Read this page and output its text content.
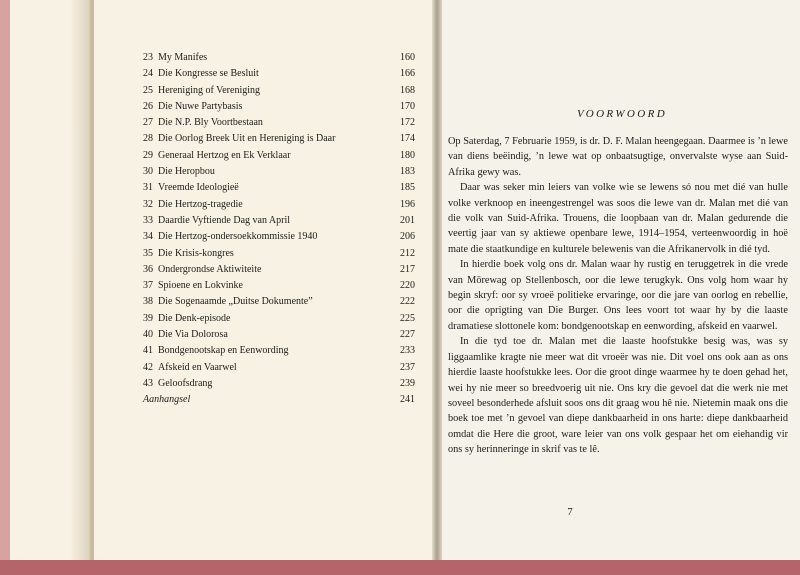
23 My Manifes	160
24 Die Kongresse se Besluit	166
25 Hereniging of Vereniging	168
26 Die Nuwe Partybasis	170
27 Die N.P. Bly Voortbestaan	172
28 Die Oorlog Breek Uit en Hereniging is Daar	174
29 Generaal Hertzog en Ek Verklaar	180
30 Die Heropbou	183
31 Vreemde Ideologieë	185
32 Die Hertzog-tragedie	196
33 Daardie Vyftiende Dag van April	201
34 Die Hertzog-ondersoekkommissie 1940	206
35 Die Krisis-kongres	212
36 Ondergrondse Aktiwiteite	217
37 Spioene en Lokvinke	220
38 Die Sogenaamde „Duitse Dokumente”	222
39 Die Denk-episode	225
40 Die Via Dolorosa	227
41 Bondgenootskap en Eenwording	233
42 Afskeid en Vaarwel	237
43 Geloofsdrang	239
Aanhangsel	241
VOORWOORD

Op Saterdag, 7 Februarie 1959, is dr. D. F. Malan heengegaan. Daarmee is ’n lewe van diens beëindig, ’n lewe wat op onbaatsugtige, onvervalste wyse aan Suid-Afrika gewy was.

Daar was seker min leiers van volke wie se lewens só nou met dié van hulle volke verknoop en ineengestrengel was soos die lewe van dr. Malan met dié van die volk van Suid-Afrika. Trouens, die loopbaan van dr. Malan gedurende die veertig jaar van sy aktiewe openbare lewe, 1914–1954, verteenwoordig in hoë mate die staatkundige en kulturele belewenis van die Afrikanervolk in dié tyd.

In hierdie boek volg ons dr. Malan waar hy rustig en teruggetrek in die vrede van Mōrewag op Stellenbosch, oor die lewe terugkyk. Ons volg hom waar hy begin skryf: oor sy vroeë politieke ervaringe, oor die jare van oorlog en rebellie, oor die oprigting van Die Burger. Ons lees voort tot waar hy by die laaste dramatiese slottonele kom: bondgenootskap en eenwording, afskeid en vaarwel.

In die tyd toe dr. Malan met die laaste hoofstukke besig was, was sy liggaamlike kragte nie meer wat dit vroeër was nie. Dit voel ons ook aan as ons hierdie laaste hoofstukke lees. Oor die groot dinge waarmee hy te doen gehad het, wei hy nie meer so breedvoerig uit nie. Ons kry die gevoel dat die werk nie met soveel besonderhede afsluit soos ons dit graag wou hê nie. Nietemin maak ons die boek toe met ’n gevoel van diepe dankbaarheid in ons harte: diepe dankbaarheid omdat die Here die groot, ware leier van ons volk gespaar het om eiehandig vir ons sy herinneringe in skrif vas te lê.

7
